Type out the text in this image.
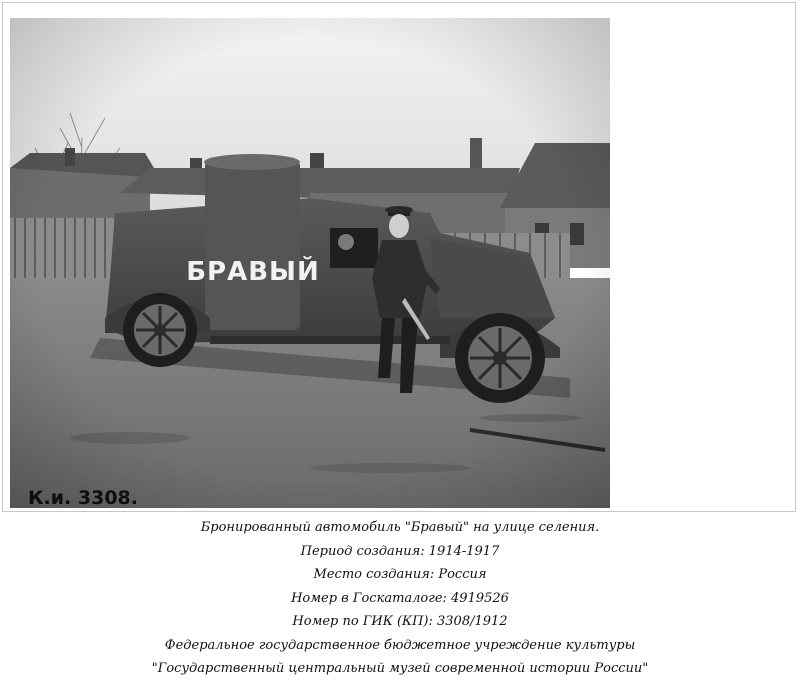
Бронированный автомобиль "Бравый" на улице селения.
Период создания: 1914-1917
Место создания: Россия
Номер в Госкаталоге: 4919526
Номер по ГИК (КП): 3308/1912
Федеральное государственное бюджетное учреждение культуры
"Государственный центральный музей современной истории России"
